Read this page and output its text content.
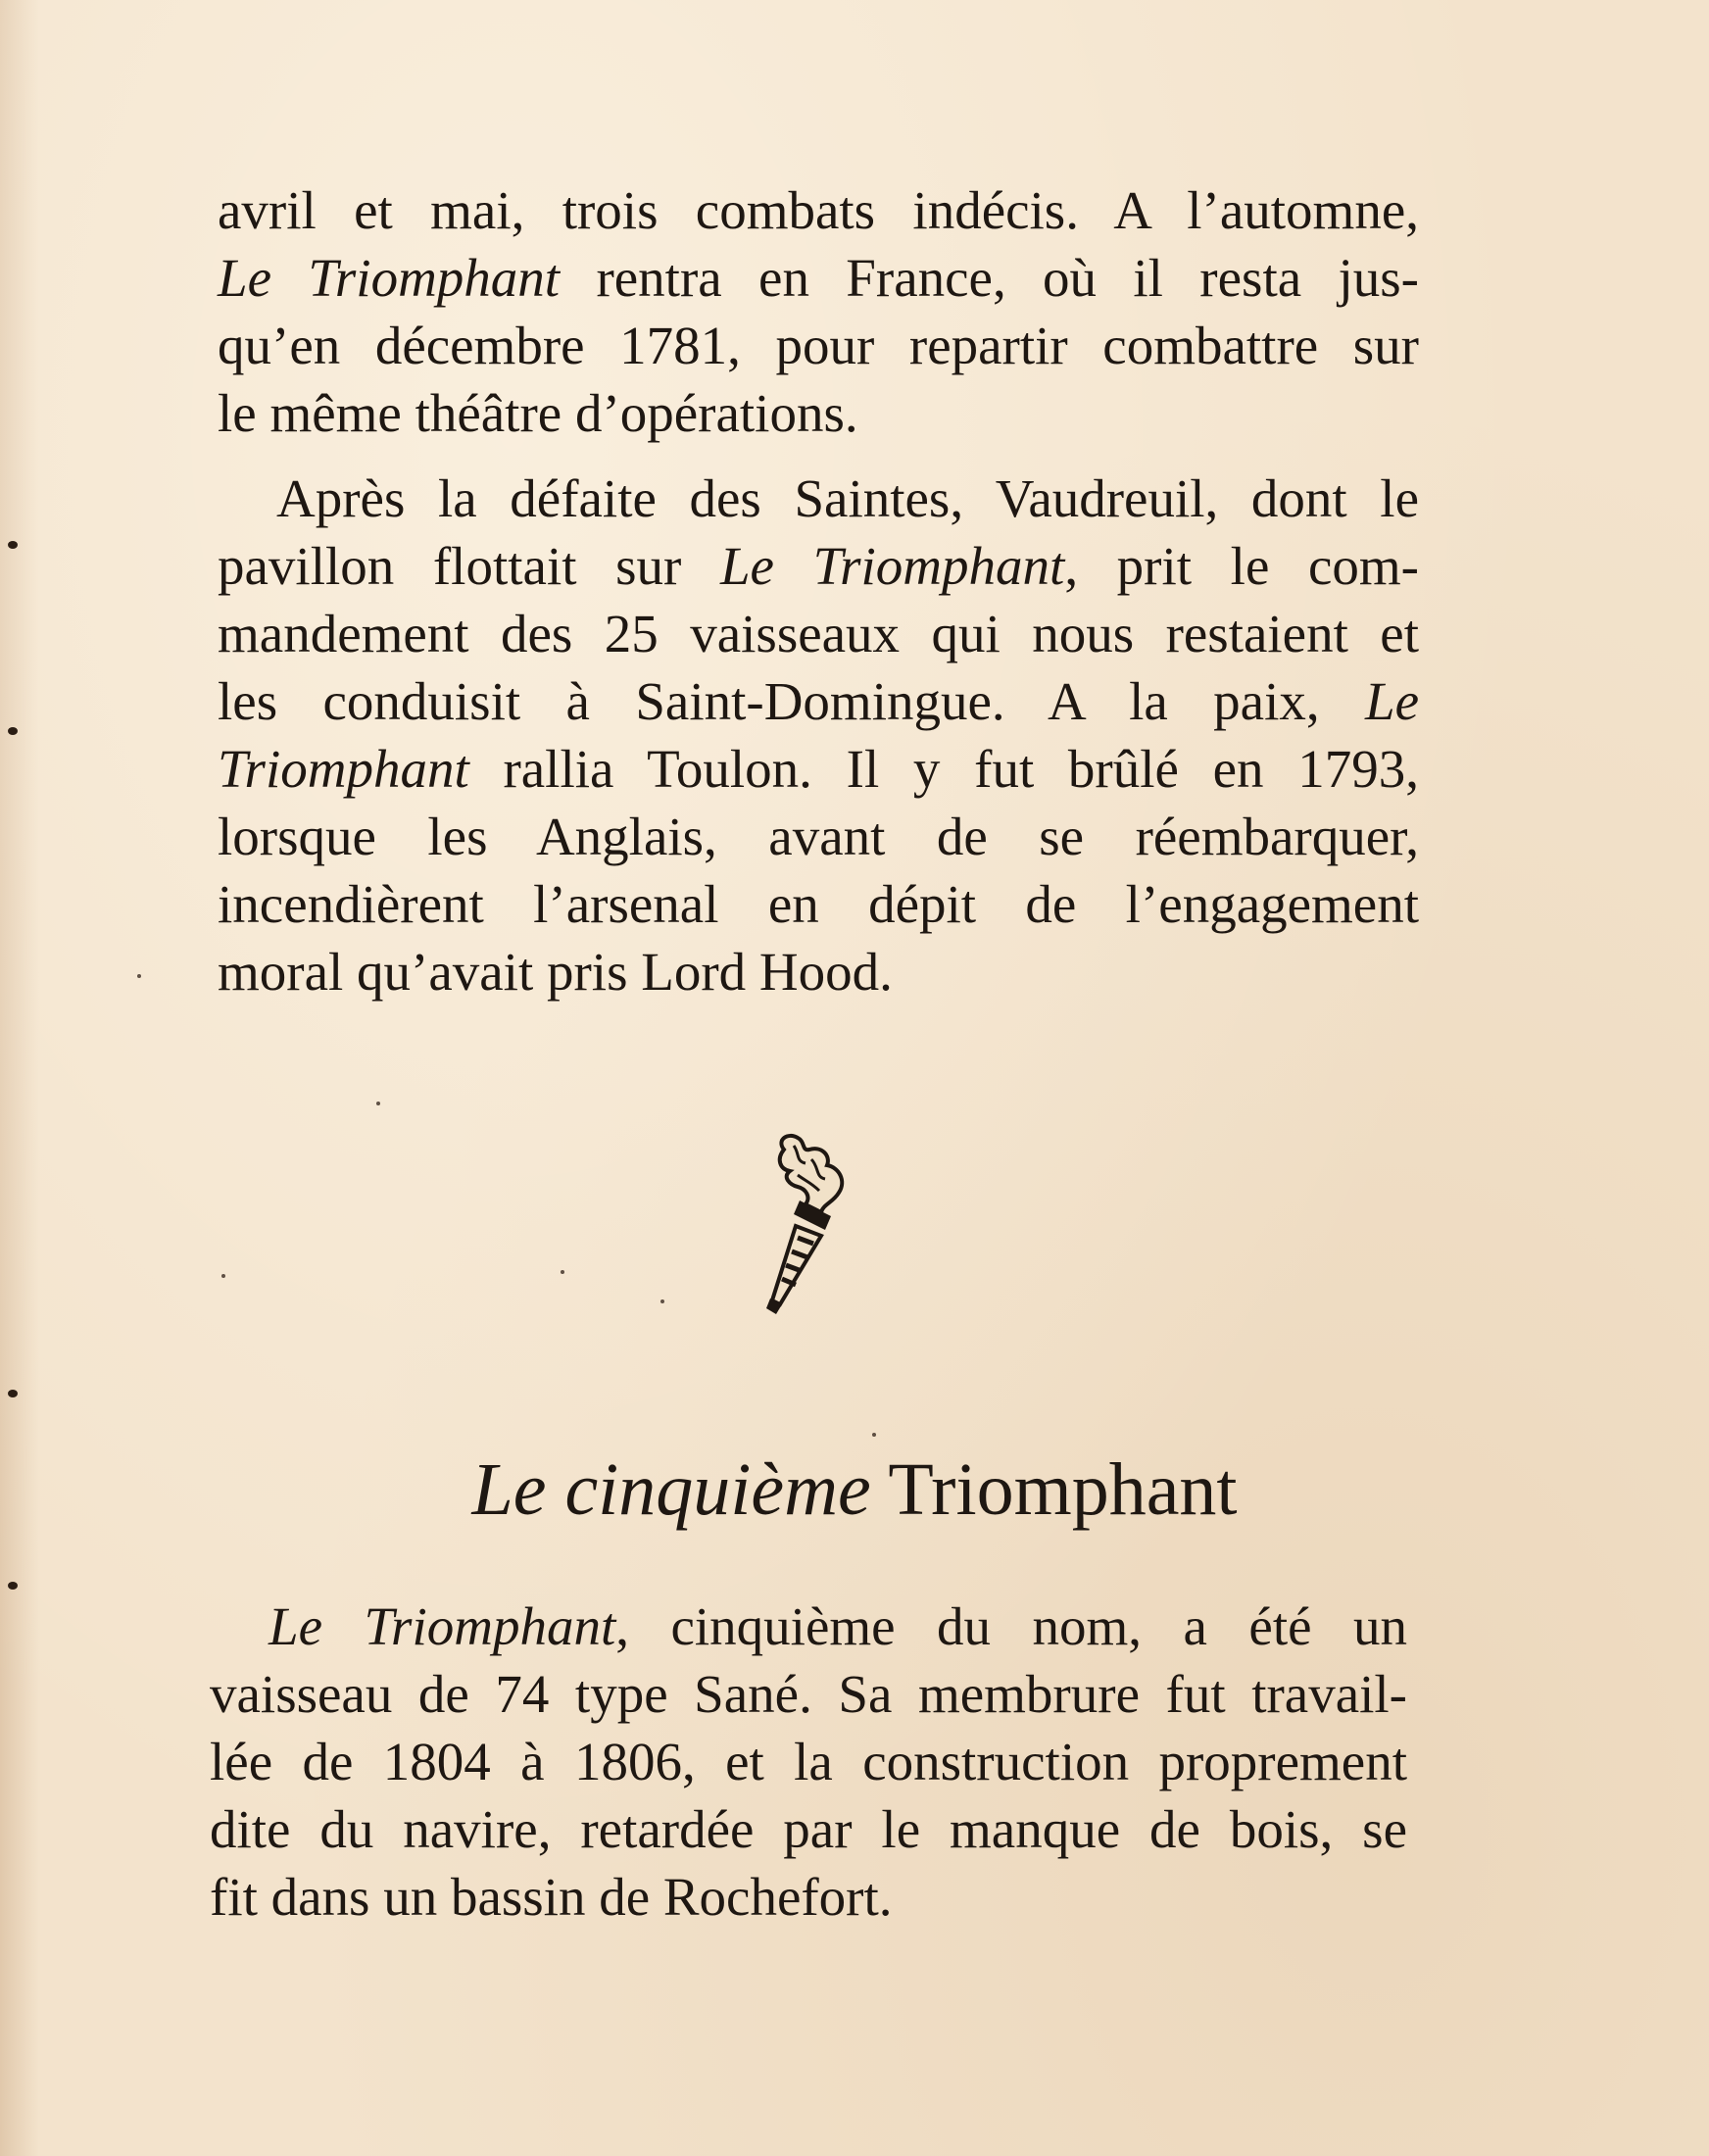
avril et mai, trois combats indécis. A l’automne,
Le Triomphant rentra en France, où il resta jus-
qu’en décembre 1781, pour repartir combattre sur
le même théâtre d’opérations.
Après la défaite des Saintes, Vaudreuil, dont le
pavillon flottait sur Le Triomphant, prit le com-
mandement des 25 vaisseaux qui nous restaient et
les conduisit à Saint-Domingue. A la paix, Le
Triomphant rallia Toulon. Il y fut brûlé en 1793,
lorsque les Anglais, avant de se réembarquer,
incendièrent l’arsenal en dépit de l’engagement
moral qu’avait pris Lord Hood.
Le cinquième Triomphant
Le Triomphant, cinquième du nom, a été un
vaisseau de 74 type Sané. Sa membrure fut travail-
lée de 1804 à 1806, et la construction proprement
dite du navire, retardée par le manque de bois, se
fit dans un bassin de Rochefort.
